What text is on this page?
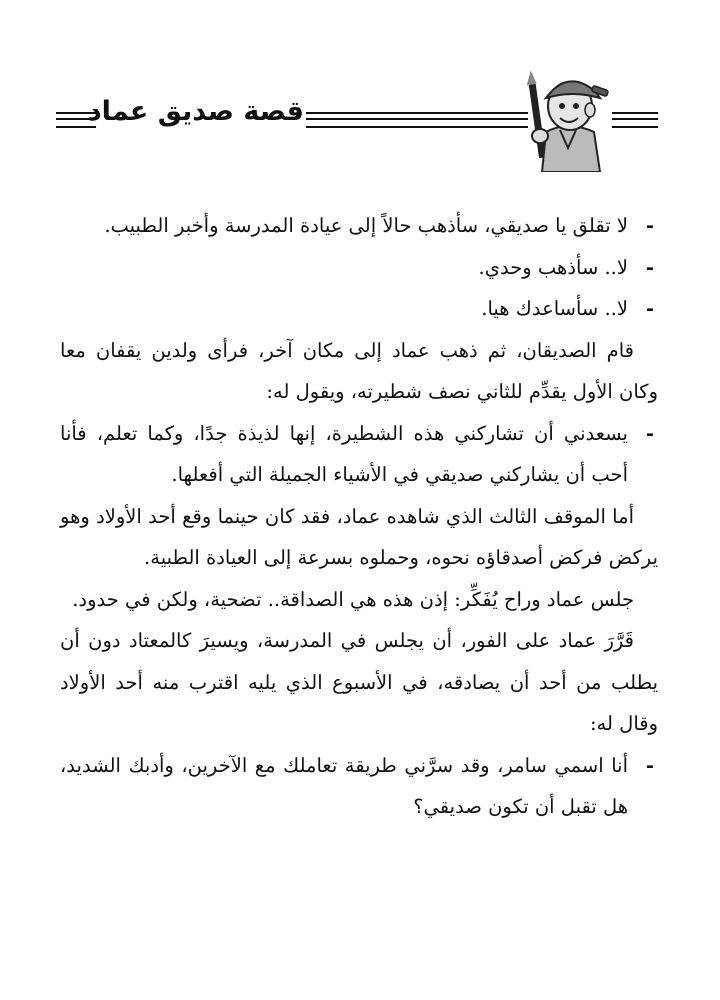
قصة صديق عماد

-
لا تقلق يا صديقي، سأذهب حالاً إلى عيادة المدرسة وأخبر الطبيب.

-
لا.. سأذهب وحدي.

-
لا.. سأساعدك هيا.

قام الصديقان، ثم ذهب عماد إلى مكان آخر، فرأى ولدين يقفان معا وكان الأول يقدِّم للثاني نصف شطيرته، ويقول له:

-
يسعدني أن تشاركني هذه الشطيرة، إنها لذيذة جدًا، وكما تعلم، فأنا أحب أن يشاركني صديقي في الأشياء الجميلة التي أفعلها.

أما الموقف الثالث الذي شاهده عماد، فقد كان حينما وقع أحد الأولاد وهو يركض فركض أصدقاؤه نحوه، وحملوه بسرعة إلى العيادة الطبية.

جلس عماد وراح يُفَكِّر: إذن هذه هي الصداقة.. تضحية، ولكن في حدود.

قَرَّرَ عماد على الفور، أن يجلس في المدرسة، ويسيرَ كالمعتاد دون أن يطلب من أحد أن يصادقه، في الأسبوع الذي يليه اقترب منه أحد الأولاد وقال له:

-
أنا اسمي سامر، وقد سرَّني طريقة تعاملك مع الآخرين، وأدبك الشديد، هل تقبل أن تكون صديقي؟
